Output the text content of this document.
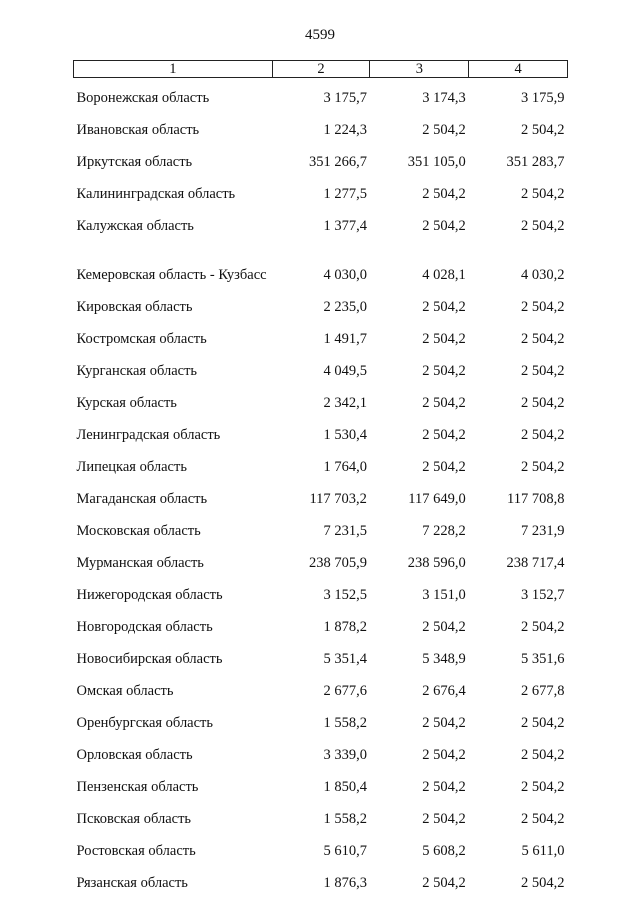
4599
1	2	3	4
Воронежская область	3 175,7	3 174,3	3 175,9
Ивановская область	1 224,3	2 504,2	2 504,2
Иркутская область	351 266,7	351 105,0	351 283,7
Калининградская область	1 277,5	2 504,2	2 504,2
Калужская область	1 377,4	2 504,2	2 504,2
Кемеровская область - Кузбасс	4 030,0	4 028,1	4 030,2
Кировская область	2 235,0	2 504,2	2 504,2
Костромская область	1 491,7	2 504,2	2 504,2
Курганская область	4 049,5	2 504,2	2 504,2
Курская область	2 342,1	2 504,2	2 504,2
Ленинградская область	1 530,4	2 504,2	2 504,2
Липецкая область	1 764,0	2 504,2	2 504,2
Магаданская область	117 703,2	117 649,0	117 708,8
Московская область	7 231,5	7 228,2	7 231,9
Мурманская область	238 705,9	238 596,0	238 717,4
Нижегородская область	3 152,5	3 151,0	3 152,7
Новгородская область	1 878,2	2 504,2	2 504,2
Новосибирская область	5 351,4	5 348,9	5 351,6
Омская область	2 677,6	2 676,4	2 677,8
Оренбургская область	1 558,2	2 504,2	2 504,2
Орловская область	3 339,0	2 504,2	2 504,2
Пензенская область	1 850,4	2 504,2	2 504,2
Псковская область	1 558,2	2 504,2	2 504,2
Ростовская область	5 610,7	5 608,2	5 611,0
Рязанская область	1 876,3	2 504,2	2 504,2
